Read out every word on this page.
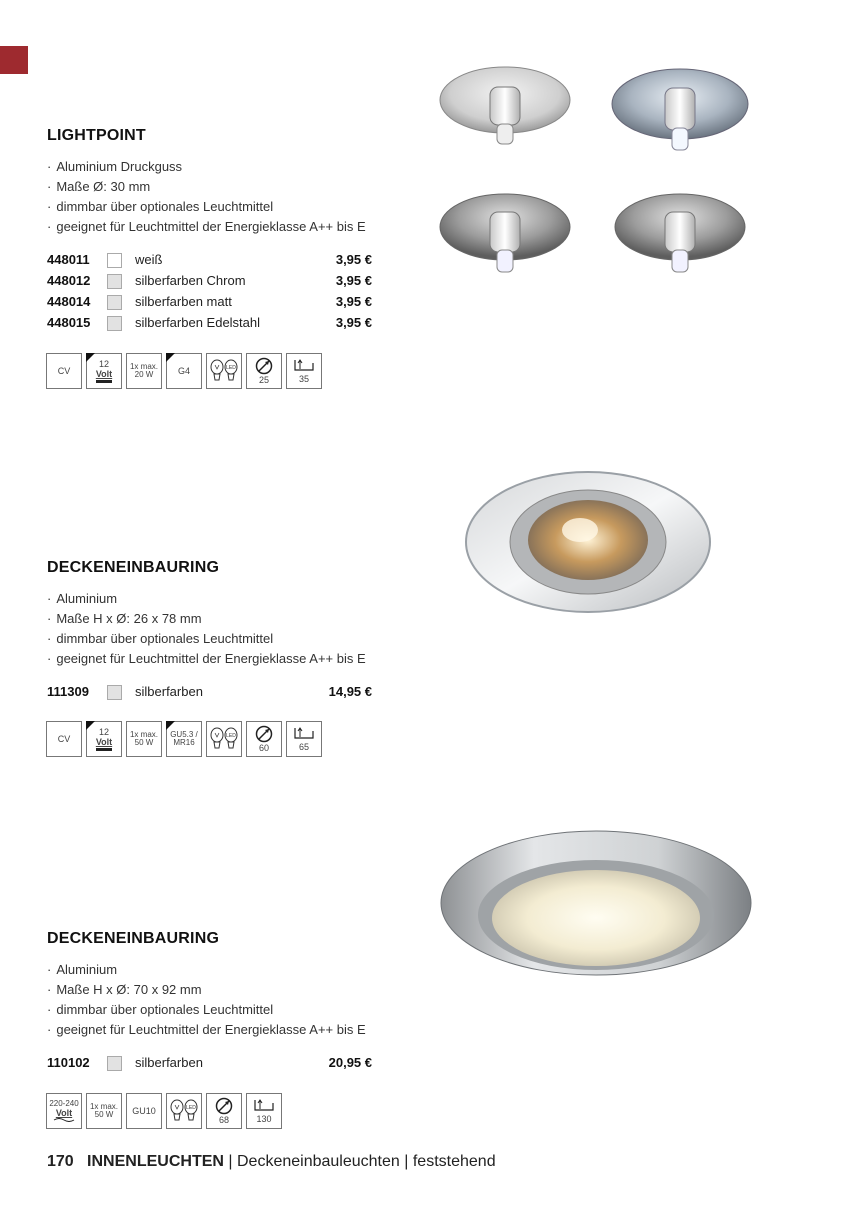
LIGHTPOINT
· Aluminium Druckguss
· Maße Ø: 30 mm
· dimmbar über optionales Leuchtmittel
· geeignet für Leuchtmittel der Energieklasse A++ bis E
448011		weiß	3,95 €
448012		silberfarben Chrom	3,95 €
448014		silberfarben matt	3,95 €
448015		silberfarben Edelstahl	3,95 €
CV
12
Volt
1x max.
20 W	G4	LED
25	35
DECKENEINBAURING
· Aluminium
· Maße H x Ø: 26 x 78 mm
· dimmbar über optionales Leuchtmittel
· geeignet für Leuchtmittel der Energieklasse A++ bis E
111309		silberfarben	14,95 €
CV
12
Volt
1x max.
50 W
GU5.3 /
MR16
LED
60	65
DECKENEINBAURING
· Aluminium
· Maße H x Ø: 70 x 92 mm
· dimmbar über optionales Leuchtmittel
· geeignet für Leuchtmittel der Energieklasse A++ bis E
110102		silberfarben	20,95 €
220-240
Volt
1x max.
50 W GU10	LED
68	130
170 INNENLEUCHTEN | Deckeneinbauleuchten | feststehend
